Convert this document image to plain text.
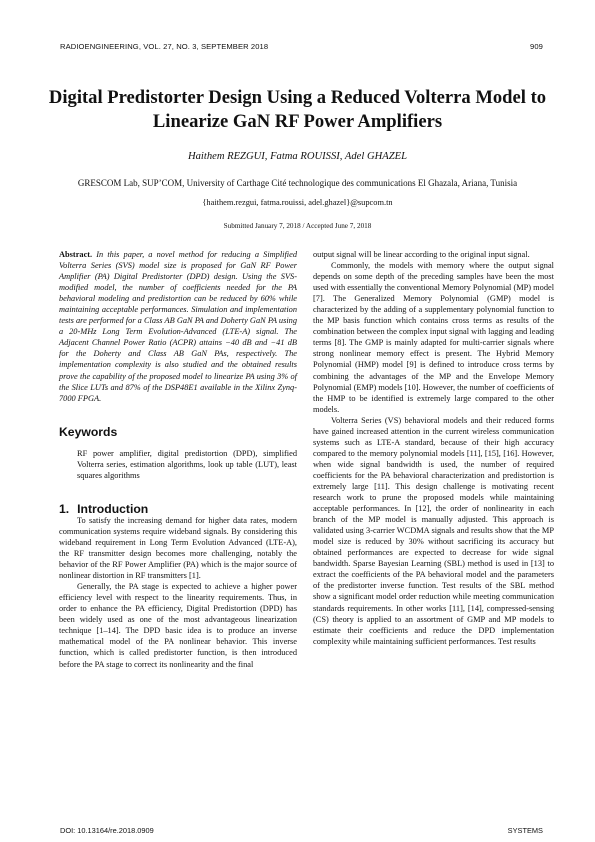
RADIOENGINEERING, VOL. 27, NO. 3, SEPTEMBER 2018	909
Digital Predistorter Design Using a Reduced Volterra Model to Linearize GaN RF Power Amplifiers
Haithem REZGUI, Fatma ROUISSI, Adel GHAZEL
GRESCOM Lab, SUP’COM, University of Carthage Cité technologique des communications El Ghazala, Ariana, Tunisia
{haithem.rezgui, fatma.rouissi, adel.ghazel}@supcom.tn
Submitted January 7, 2018 / Accepted June 7, 2018

Abstract. In this paper, a novel method for reducing a Simplified Volterra Series (SVS) model size is proposed for GaN RF Power Amplifier (PA) Digital Predistorter (DPD) design. Using the SVS-modified model, the number of coefficients needed for the PA behavioral modeling and predistortion can be reduced by 60% while maintaining acceptable performances. Simulation and implementation tests are performed for a Class AB GaN PA and Doherty GaN PA using a 20-MHz Long Term Evolution-Advanced (LTE-A) signal. The Adjacent Channel Power Ratio (ACPR) attains −40 dB and −41 dB for the Doherty and Class AB GaN PAs, respectively. The implementation complexity is also studied and the obtained results prove the capability of the proposed model to linearize PA using 3% of the Slice LUTs and 87% of the DSP48E1 available in the Xilinx Zynq-7000 FPGA.

Keywords

RF power amplifier, digital predistortion (DPD), simplified Volterra series, estimation algorithms, look up table (LUT), least squares algorithms

1. Introduction

To satisfy the increasing demand for higher data rates, modern communication systems require wideband signals. By considering this wideband requirement in Long Term Evolution Advanced (LTE-A), the RF transmitter design becomes more challenging, notably the behavior of the RF Power Amplifier (PA) which is the major source of nonlinear distortion in RF transmitters [1].

Generally, the PA stage is expected to achieve a higher power efficiency level with respect to the linearity requirements. Thus, in order to enhance the PA efficiency, Digital Predistortion (DPD) has been widely used as one of the most advantageous linearization technique [1–14]. The DPD basic idea is to produce an inverse mathematical model of the PA nonlinear behavior. This inverse function, which is called predistorter function, is then introduced before the PA stage to correct its nonlinearity and the final

output signal will be linear according to the original input signal.

Commonly, the models with memory where the output signal depends on some depth of the preceding samples have been the most used with essentially the conventional Memory Polynomial (MP) model [7]. The Generalized Memory Polynomial (GMP) model is characterized by the adding of a supplementary polynomial function to the MP basis function which contains cross terms as results of the combination between the complex input signal with lagging and leading terms [8]. The GMP is mainly adapted for multi-carrier signals where strong nonlinear memory effect is present. The Hybrid Memory Polynomial (HMP) model [9] is defined to introduce cross terms by combining the advantages of the MP and the Envelope Memory Polynomial (EMP) models [10]. However, the number of coefficients of the HMP to be identified is extremely large compared to the other models.

Volterra Series (VS) behavioral models and their reduced forms have gained increased attention in the current wireless communication systems such as LTE-A standard, because of their high accuracy compared to the memory polynomial models [11], [15], [16]. However, when wide signal bandwidth is used, the number of required coefficients for the PA behavioral characterization and predistortion is extremely large [11]. This design challenge is motivating recent research work to prune the proposed models while maintaining acceptable performances. In [12], the order of nonlinearity in each branch of the MP model is manually adjusted. This approach is validated using 3-carrier WCDMA signals and results show that the MP model size is reduced by 30% without sacrificing its accuracy but obtained performances are expected to decrease for wide signal bandwidth. Sparse Bayesian Learning (SBL) method is used in [13] to extract the coefficients of the PA behavioral model and the parameters of the predistorter inverse function. Test results of the SBL method show a significant model order reduction while meeting communication standards requirements. In other works [11], [14], compressed-sensing (CS) theory is applied to an assortment of GMP and MP models to estimate their coefficients and reduce the DPD implementation complexity while maintaining sufficient performances. Test results

DOI: 10.13164/re.2018.0909	SYSTEMS
